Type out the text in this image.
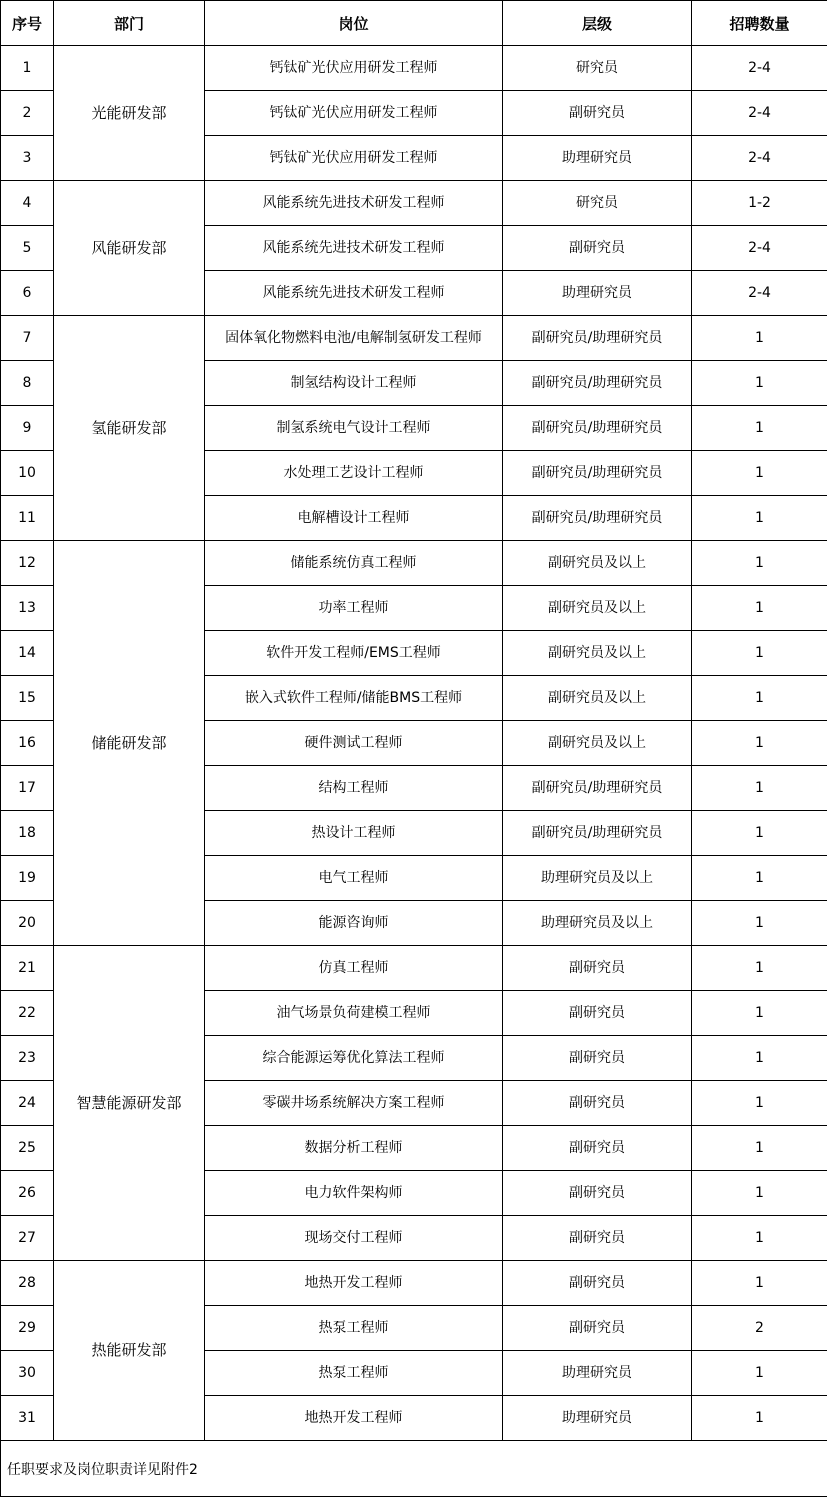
序号	部门	岗位	层级	招聘数量
1	光能研发部	钙钛矿光伏应用研发工程师	研究员	2-4
2		钙钛矿光伏应用研发工程师	副研究员	2-4
3		钙钛矿光伏应用研发工程师	助理研究员	2-4
4	风能研发部	风能系统先进技术研发工程师	研究员	1-2
5		风能系统先进技术研发工程师	副研究员	2-4
6		风能系统先进技术研发工程师	助理研究员	2-4
7	氢能研发部	固体氧化物燃料电池/电解制氢研发工程师	副研究员/助理研究员	1
8		制氢结构设计工程师	副研究员/助理研究员	1
9		制氢系统电气设计工程师	副研究员/助理研究员	1
10		水处理工艺设计工程师	副研究员/助理研究员	1
11		电解槽设计工程师	副研究员/助理研究员	1
12	储能研发部	储能系统仿真工程师	副研究员及以上	1
13		功率工程师	副研究员及以上	1
14		软件开发工程师/EMS工程师	副研究员及以上	1
15		嵌入式软件工程师/储能BMS工程师	副研究员及以上	1
16		硬件测试工程师	副研究员及以上	1
17		结构工程师	副研究员/助理研究员	1
18		热设计工程师	副研究员/助理研究员	1
19		电气工程师	助理研究员及以上	1
20		能源咨询师	助理研究员及以上	1
21	智慧能源研发部	仿真工程师	副研究员	1
22		油气场景负荷建模工程师	副研究员	1
23		综合能源运筹优化算法工程师	副研究员	1
24		零碳井场系统解决方案工程师	副研究员	1
25		数据分析工程师	副研究员	1
26		电力软件架构师	副研究员	1
27		现场交付工程师	副研究员	1
28	热能研发部	地热开发工程师	副研究员	1
29		热泵工程师	副研究员	2
30		热泵工程师	助理研究员	1
31		地热开发工程师	助理研究员	1
任职要求及岗位职责详见附件2				
